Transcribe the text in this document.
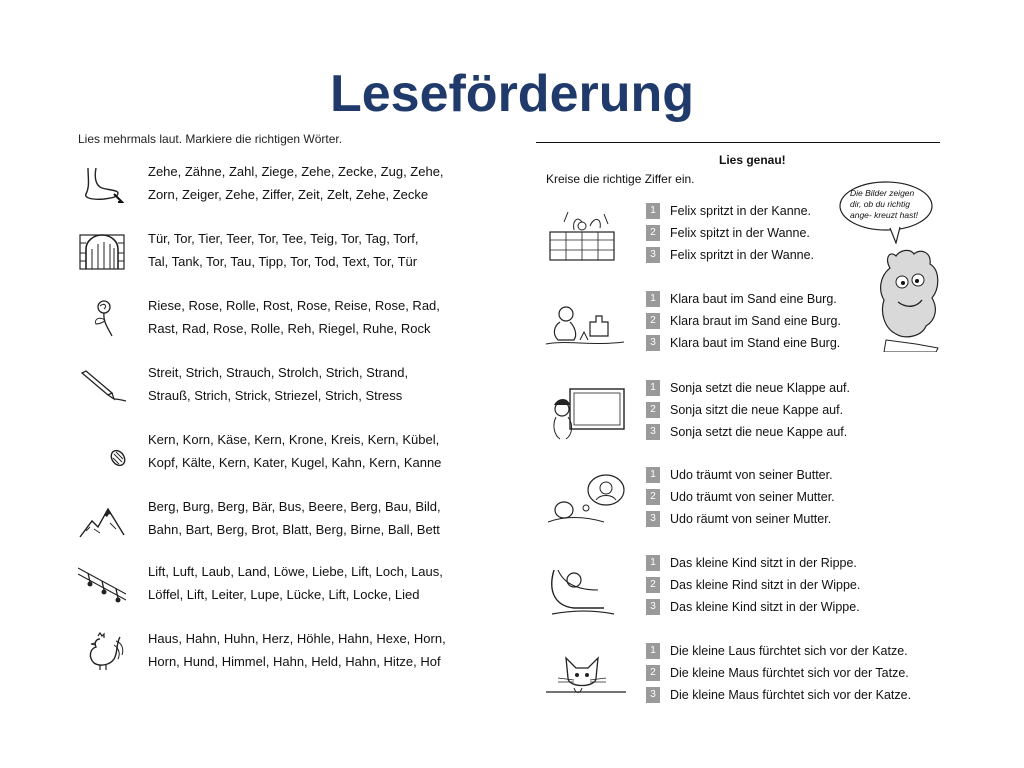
Leseförderung
Lies mehrmals laut. Markiere die richtigen Wörter.
Zehe, Zähne, Zahl, Ziege, Zehe, Zecke, Zug, Zehe,
Zorn, Zeiger, Zehe, Ziffer, Zeit, Zelt, Zehe, Zecke
Tür, Tor, Tier, Teer, Tor, Tee, Teig, Tor, Tag, Torf,
Tal, Tank, Tor, Tau, Tipp, Tor, Tod, Text, Tor, Tür
Riese, Rose, Rolle, Rost, Rose, Reise, Rose, Rad,
Rast, Rad, Rose, Rolle, Reh, Riegel, Ruhe, Rock
Streit, Strich, Strauch, Strolch, Strich, Strand,
Strauß, Strich, Strick, Striezel, Strich, Stress
Kern, Korn, Käse, Kern, Krone, Kreis, Kern, Kübel,
Kopf, Kälte, Kern, Kater, Kugel, Kahn, Kern, Kanne
Berg, Burg, Berg, Bär, Bus, Beere, Berg, Bau, Bild,
Bahn, Bart, Berg, Brot, Blatt, Berg, Birne, Ball, Bett
Lift, Luft, Laub, Land, Löwe, Liebe, Lift, Loch, Laus,
Löffel, Lift, Leiter, Lupe, Lücke, Lift, Locke, Lied
Haus, Hahn, Huhn, Herz, Höhle, Hahn, Hexe, Horn,
Horn, Hund, Himmel, Hahn, Held, Hahn, Hitze, Hof
Lies genau!
Kreise die richtige Ziffer ein.
Die Bilder zeigen dir, ob du richtig ange- kreuzt hast!
1 Felix spritzt in der Kanne.
2 Felix spitzt in der Wanne.
3 Felix spritzt in der Wanne.
1 Klara baut im Sand eine Burg.
2 Klara braut im Sand eine Burg.
3 Klara baut im Stand eine Burg.
1 Sonja setzt die neue Klappe auf.
2 Sonja sitzt die neue Kappe auf.
3 Sonja setzt die neue Kappe auf.
1 Udo träumt von seiner Butter.
2 Udo träumt von seiner Mutter.
3 Udo räumt von seiner Mutter.
1 Das kleine Kind sitzt in der Rippe.
2 Das kleine Rind sitzt in der Wippe.
3 Das kleine Kind sitzt in der Wippe.
1 Die kleine Laus fürchtet sich vor der Katze.
2 Die kleine Maus fürchtet sich vor der Tatze.
3 Die kleine Maus fürchtet sich vor der Katze.
